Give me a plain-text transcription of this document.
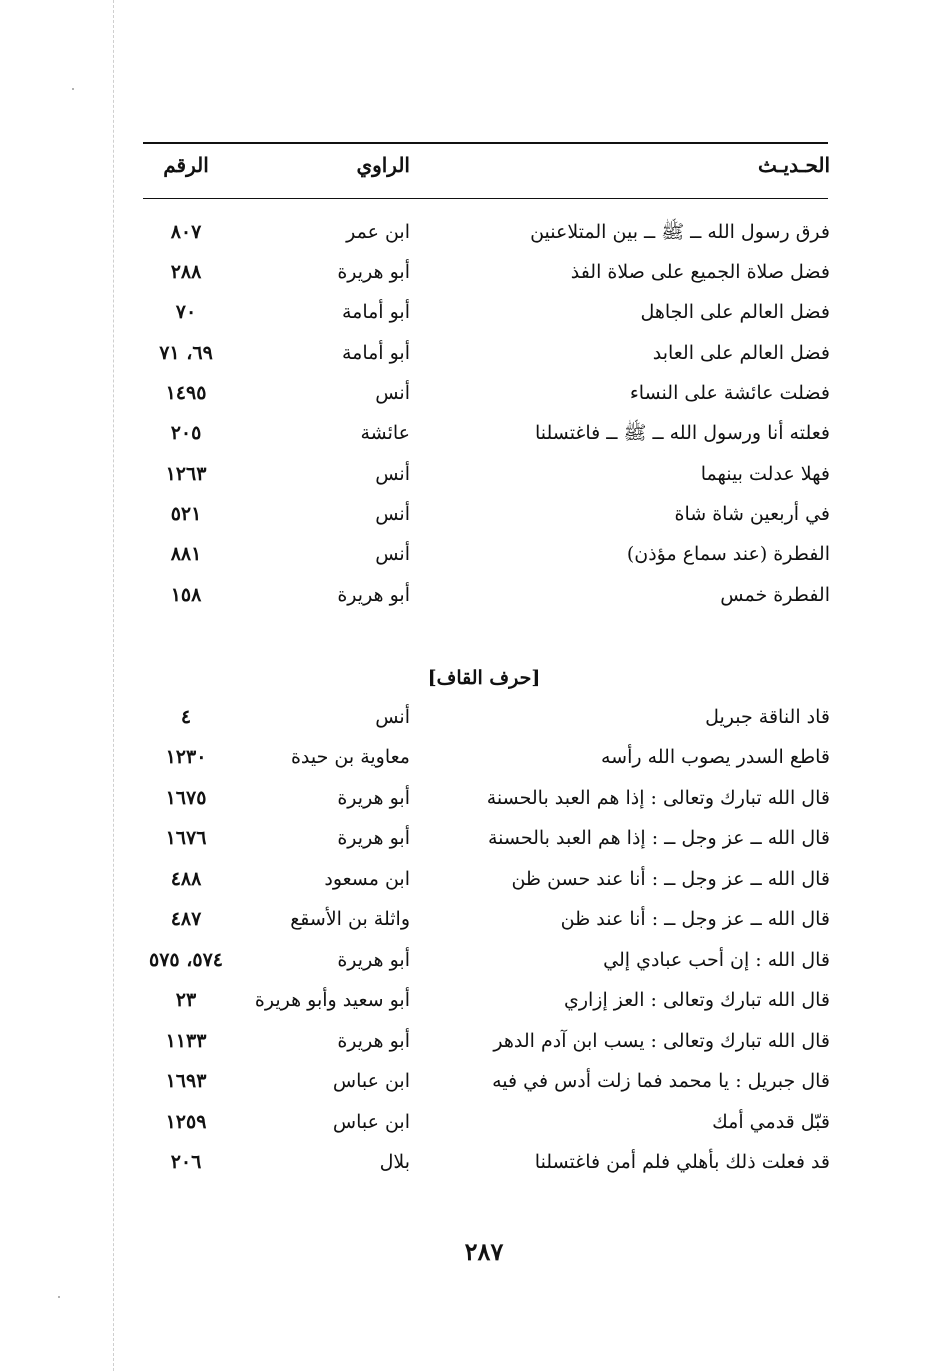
الحـديـث
الراوي
الرقم
فرق رسول الله ــ ﷺ ــ بين المتلاعنين
ابن عمر
٨٠٧
فضل صلاة الجميع على صلاة الفذ
أبو هريرة
٢٨٨
فضل العالم على الجاهل
أبو أمامة
٧٠
فضل العالم على العابد
أبو أمامة
٦٩، ٧١
فضلت عائشة على النساء
أنس
١٤٩٥
فعلته أنا ورسول الله ــ ﷺ ــ فاغتسلنا
عائشة
٢٠٥
فهلا عدلت بينهما
أنس
١٢٦٣
في أربعين شاة شاة
أنس
٥٢١
الفطرة (عند سماع مؤذن)
أنس
٨٨١
الفطرة خمس
أبو هريرة
١٥٨
[حرف القاف]
قاد الناقة جبريل
أنس
٤
قاطع السدر يصوب الله رأسه
معاوية بن حيدة
١٢٣٠
قال الله تبارك وتعالى : إذا هم العبد بالحسنة
أبو هريرة
١٦٧٥
قال الله ــ عز وجل ــ : إذا هم العبد بالحسنة
أبو هريرة
١٦٧٦
قال الله ــ عز وجل ــ : أنا عند حسن ظن
ابن مسعود
٤٨٨
قال الله ــ عز وجل ــ : أنا عند ظن
واثلة بن الأسقع
٤٨٧
قال الله : إن أحب عبادي إلي
أبو هريرة
٥٧٤، ٥٧٥
قال الله تبارك وتعالى : العز إزاري
أبو سعيد وأبو هريرة
٢٣
قال الله تبارك وتعالى : يسب ابن آدم الدهر
أبو هريرة
١١٣٣
قال جبريل : يا محمد فما زلت أدس في فيه
ابن عباس
١٦٩٣
قبّل قدمي أمك
ابن عباس
١٢٥٩
قد فعلت ذلك بأهلي فلم أمن فاغتسلنا
بلال
٢٠٦
٢٨٧
